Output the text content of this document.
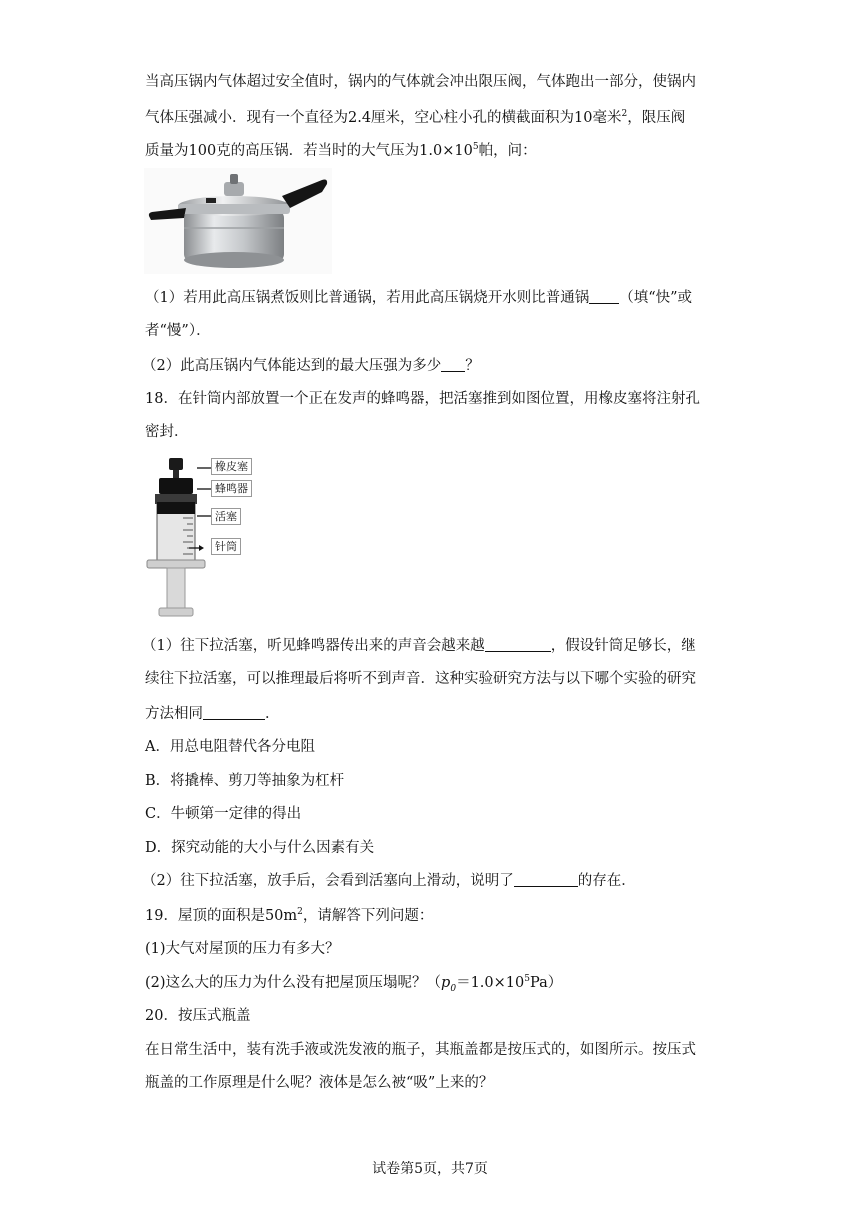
当高压锅内气体超过安全值时，锅内的气体就会冲出限压阀，气体跑出一部分，使锅内
气体压强减小．现有一个直径为2.4厘米，空心柱小孔的横截面积为10毫米$^2$，限压阀
质量为100克的高压锅．若当时的大气压为$1.0\times 10^5$帕，问：
（1）若用此高压锅煮饭则比普通锅，若用此高压锅烧开水则比普通锅 （填“快”或
者“慢”）．
（2）此高压锅内气体能达到的最大压强为多少 ？
18．在针筒内部放置一个正在发声的蜂鸣器，把活塞推到如图位置，用橡皮塞将注射孔
密封．
橡皮塞
蜂鸣器
活塞
针筒
（1）往下拉活塞，听见蜂鸣器传出来的声音会越来越	，假设针筒足够长，继
续往下拉活塞，可以推理最后将听不到声音．这种实验研究方法与以下哪个实验的研究
方法相同	．
A．用总电阻替代各分电阻
B．将撬棒、剪刀等抽象为杠杆
C．牛顿第一定律的得出
D．探究动能的大小与什么因素有关
（2）往下拉活塞，放手后，会看到活塞向上滑动，说明了	的存在．
19．屋顶的面积是$50m^2$，请解答下列问题：
(1)大气对屋顶的压力有多大？
(2)这么大的压力为什么没有把屋顶压塌呢？$(p_0=1.0\times 10^5Pa)$
20．按压式瓶盖
在日常生活中，装有洗手液或洗发液的瓶子，其瓶盖都是按压式的，如图所示。按压式
瓶盖的工作原理是什么呢？液体是怎么被“吸”上来的？
试卷第5页，共7页
